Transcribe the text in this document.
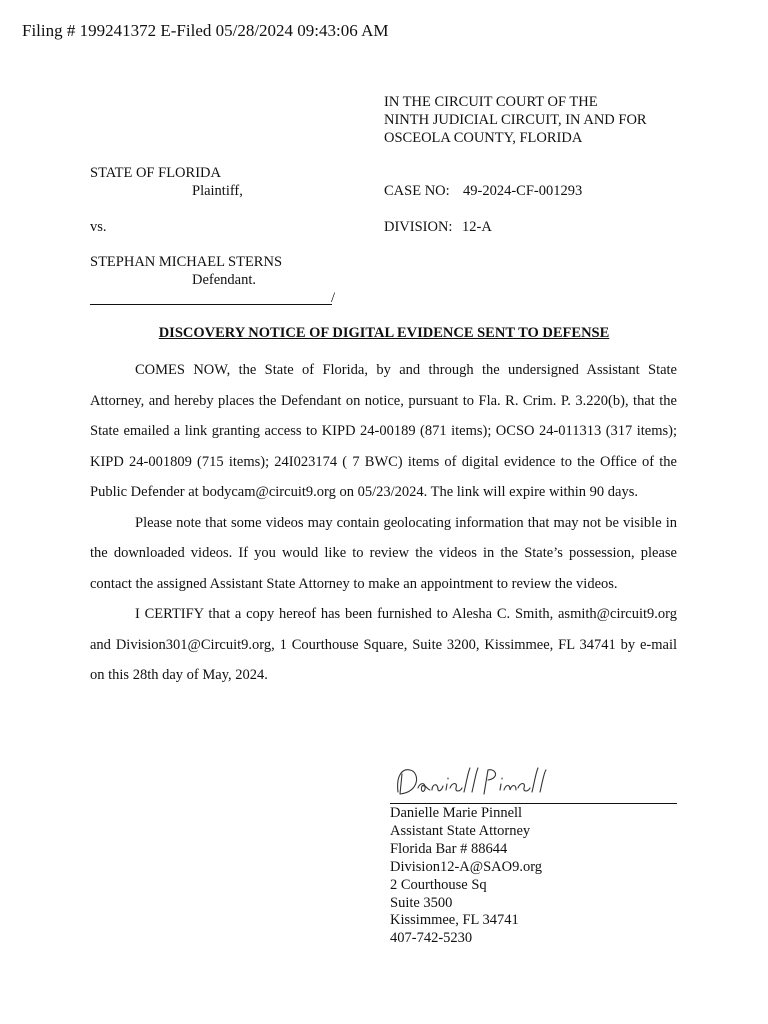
Filing # 199241372 E-Filed 05/28/2024 09:43:06 AM
IN THE CIRCUIT COURT OF THE
NINTH JUDICIAL CIRCUIT, IN AND FOR
OSCEOLA COUNTY, FLORIDA
STATE OF FLORIDA
Plaintiff,
vs.
STEPHAN MICHAEL STERNS
Defendant.
/
CASE NO: 49-2024-CF-001293
DIVISION: 12-A
DISCOVERY NOTICE OF DIGITAL EVIDENCE SENT TO DEFENSE

COMES NOW, the State of Florida, by and through the undersigned Assistant State Attorney, and hereby places the Defendant on notice, pursuant to Fla. R. Crim. P. 3.220(b), that the State emailed a link granting access to KIPD 24-00189 (871 items); OCSO 24-011313 (317 items); KIPD 24-001809 (715 items); 24I023174 ( 7 BWC) items of digital evidence to the Office of the Public Defender at bodycam@circuit9.org on 05/23/2024. The link will expire within 90 days.

Please note that some videos may contain geolocating information that may not be visible in the downloaded videos. If you would like to review the videos in the State’s possession, please contact the assigned Assistant State Attorney to make an appointment to review the videos.

I CERTIFY that a copy hereof has been furnished to Alesha C. Smith, asmith@circuit9.org and Division301@Circuit9.org, 1 Courthouse Square, Suite 3200, Kissimmee, FL 34741 by e-mail on this 28th day of May, 2024.

Danielle Marie Pinnell
Assistant State Attorney
Florida Bar # 88644
Division12-A@SAO9.org
2 Courthouse Sq
Suite 3500
Kissimmee, FL 34741
407-742-5230
